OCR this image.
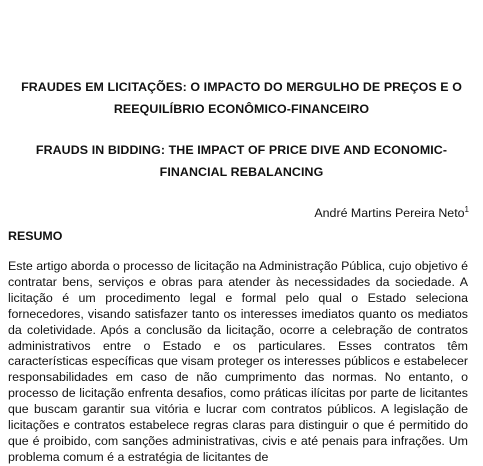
FRAUDES EM LICITAÇÕES: O IMPACTO DO MERGULHO DE PREÇOS E O REEQUILÍBRIO ECONÔMICO-FINANCEIRO
FRAUDS IN BIDDING: THE IMPACT OF PRICE DIVE AND ECONOMIC-FINANCIAL REBALANCING

André Martins Pereira Neto$^1$

RESUMO

Este artigo aborda o processo de licitação na Administração Pública, cujo objetivo é contratar bens, serviços e obras para atender às necessidades da sociedade. A licitação é um procedimento legal e formal pelo qual o Estado seleciona fornecedores, visando satisfazer tanto os interesses imediatos quanto os mediatos da coletividade. Após a conclusão da licitação, ocorre a celebração de contratos administrativos entre o Estado e os particulares. Esses contratos têm características específicas que visam proteger os interesses públicos e estabelecer responsabilidades em caso de não cumprimento das normas. No entanto, o processo de licitação enfrenta desafios, como práticas ilícitas por parte de licitantes que buscam garantir sua vitória e lucrar com contratos públicos. A legislação de licitações e contratos estabelece regras claras para distinguir o que é permitido do que é proibido, com sanções administrativas, civis e até penais para infrações. Um problema comum é a estratégia de licitantes de
